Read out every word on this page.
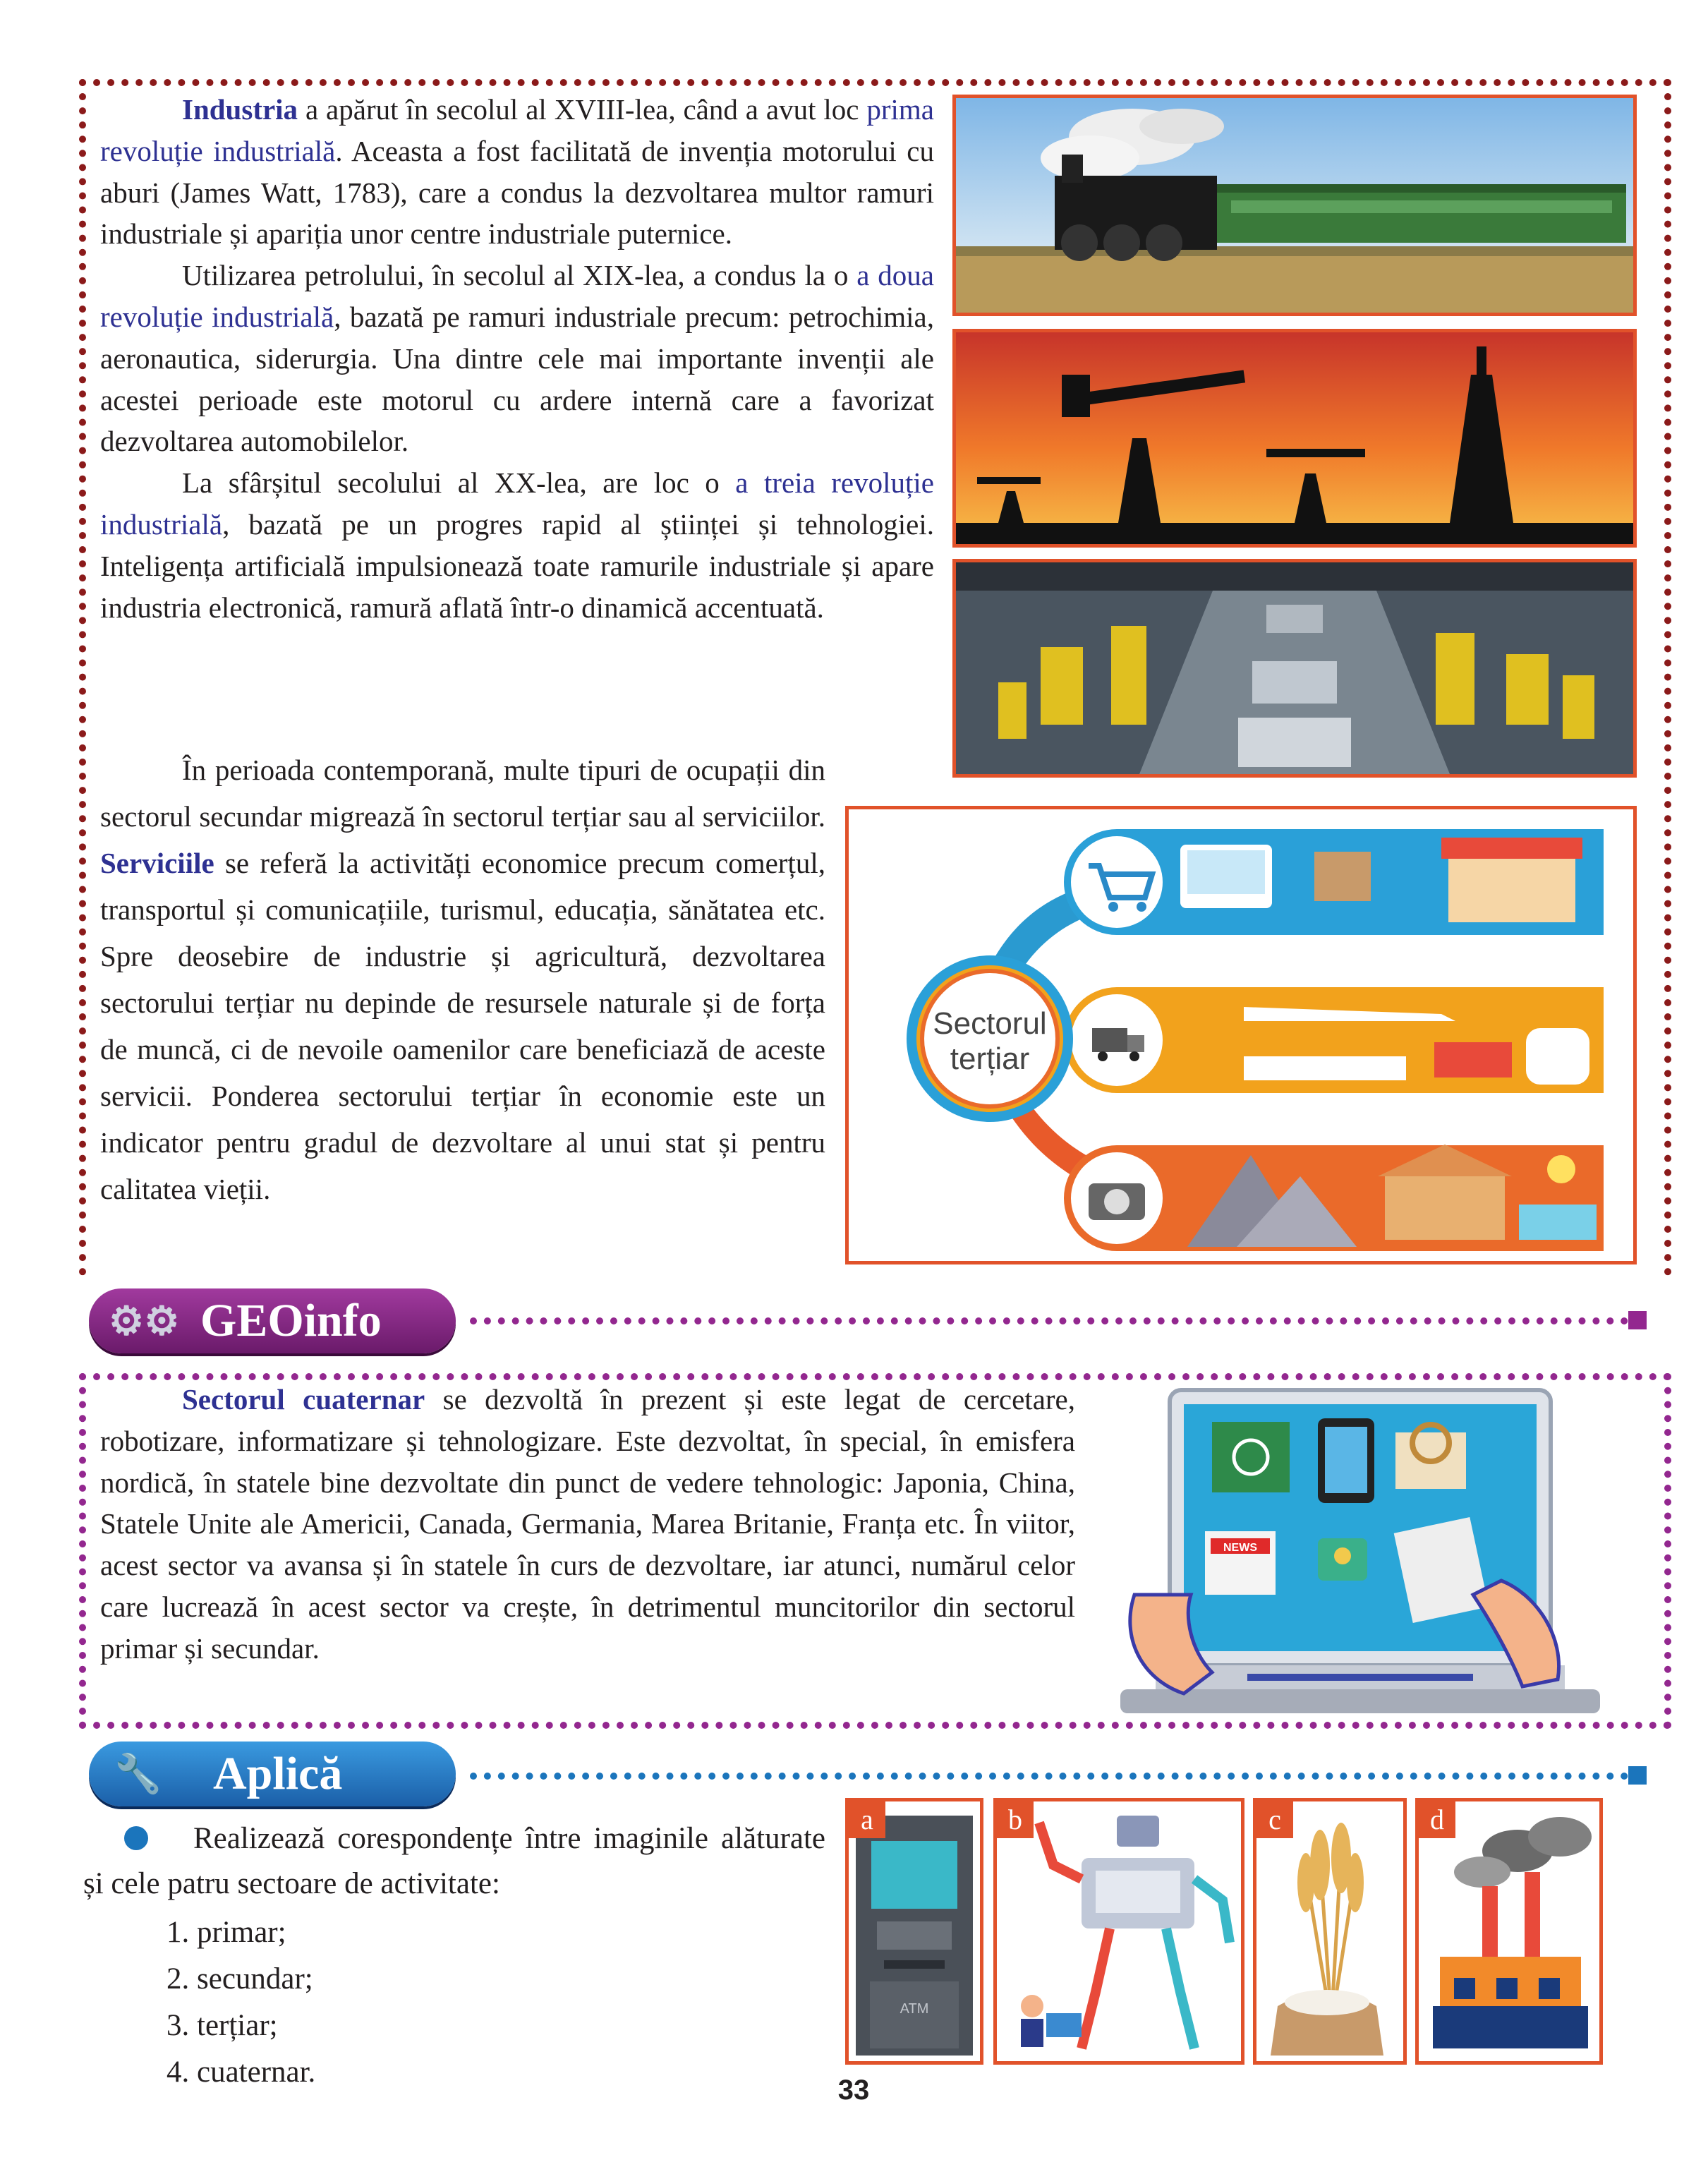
Industria a apărut în secolul al XVIII-lea, când a avut loc prima revoluție industrială. Aceasta a fost facilitată de invenția motorului cu aburi (James Watt, 1783), care a condus la dezvoltarea multor ramuri industriale și apariția unor centre industriale puternice.

Utilizarea petrolului, în secolul al XIX-lea, a condus la o a doua revoluție industrială, bazată pe ramuri industriale precum: petrochimia, aeronautica, siderurgia. Una dintre cele mai importante invenții ale acestei perioade este motorul cu ardere internă care a favorizat dezvoltarea automobilelor.

La sfârșitul secolului al XX-lea, are loc o a treia revoluție industrială, bazată pe un progres rapid al științei și tehnologiei. Inteligența artificială impulsionează toate ramurile industriale și apare industria electronică, ramură aflată într-o dinamică accentuată.

În perioada contemporană, multe tipuri de ocupații din sectorul secundar migrează în sectorul terțiar sau al serviciilor. Serviciile se referă la activități economice precum comerțul, transportul și comunicațiile, turismul, educația, sănătatea etc. Spre deosebire de industrie și agricultură, dezvoltarea sectorului terțiar nu depinde de resursele naturale și de forța de muncă, ci de nevoile oamenilor care beneficiază de aceste servicii. Ponderea sectorului terțiar în economie este un indicator pentru gradul de dezvoltare al unui stat și pentru calitatea vieții.

Sectorul
terțiar
⚙⚙ GEOinfo

Sectorul cuaternar se dezvoltă în prezent și este legat de cercetare, robotizare, informatizare și tehnologizare. Este dezvoltat, în special, în emisfera nordică, în statele bine dezvoltate din punct de vedere tehnologic: Japonia, China, Statele Unite ale Americii, Canada, Germania, Marea Britanie, Franța etc. În viitor, acest sector va avansa și în statele în curs de dezvoltare, iar atunci, numărul celor care lucrează în acest sector va crește, în detrimentul muncitorilor din sectorul primar și secundar.

NEWS
🔧	Aplică

Realizează corespondențe între imaginile alăturate și cele patru sectoare de activitate:

1. primar;
2. secundar;
3. terțiar;
4. cuaternar.
a
ATM
b	c	d
33
